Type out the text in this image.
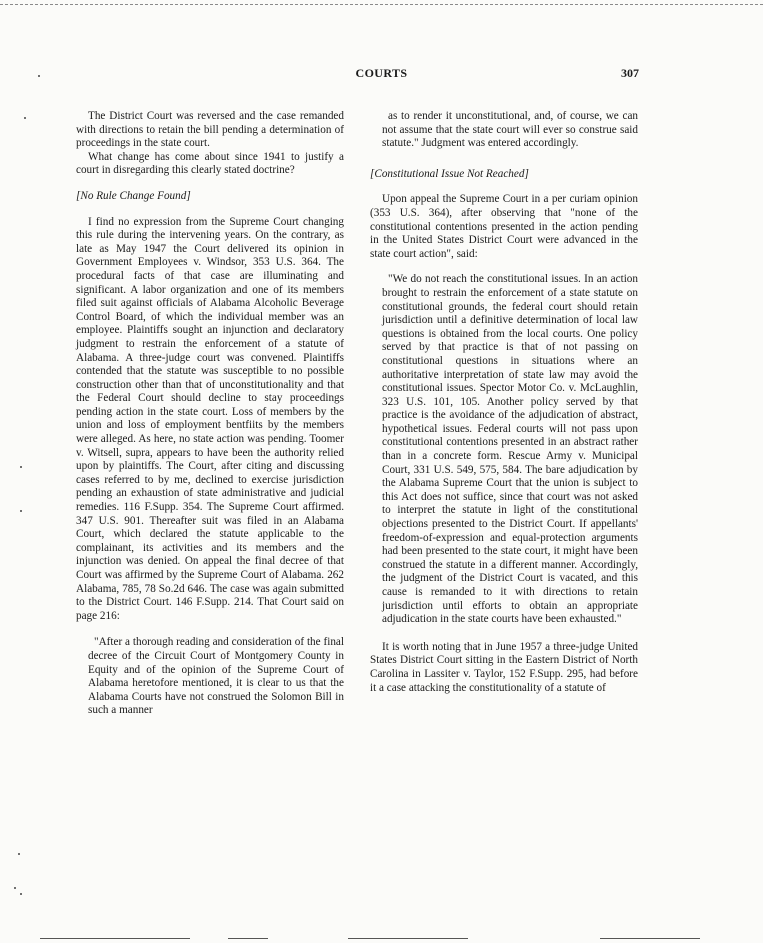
COURTS	307

The District Court was reversed and the case remanded with directions to retain the bill pending a determination of proceedings in the state court.

What change has come about since 1941 to justify a court in disregarding this clearly stated doctrine?

[No Rule Change Found]

I find no expression from the Supreme Court changing this rule during the intervening years. On the contrary, as late as May 1947 the Court delivered its opinion in Government Employees v. Windsor, 353 U.S. 364. The procedural facts of that case are illuminating and significant. A labor organization and one of its members filed suit against officials of Alabama Alcoholic Beverage Control Board, of which the individual member was an employee. Plaintiffs sought an injunction and declaratory judgment to restrain the enforcement of a statute of Alabama. A three-judge court was convened. Plaintiffs contended that the statute was susceptible to no possible construction other than that of unconstitutionality and that the Federal Court should decline to stay proceedings pending action in the state court. Loss of members by the union and loss of employment bentfiits by the members were alleged. As here, no state action was pending. Toomer v. Witsell, supra, appears to have been the authority relied upon by plaintiffs. The Court, after citing and discussing cases referred to by me, declined to exercise jurisdiction pending an exhaustion of state administrative and judicial remedies. 116 F.Supp. 354. The Supreme Court affirmed. 347 U.S. 901. Thereafter suit was filed in an Alabama Court, which declared the statute applicable to the complainant, its activities and its members and the injunction was denied. On appeal the final decree of that Court was affirmed by the Supreme Court of Alabama. 262 Alabama, 785, 78 So.2d 646. The case was again submitted to the District Court. 146 F.Supp. 214. That Court said on page 216:

"After a thorough reading and consideration of the final decree of the Circuit Court of Montgomery County in Equity and of the opinion of the Supreme Court of Alabama heretofore mentioned, it is clear to us that the Alabama Courts have not construed the Solomon Bill in such a manner

as to render it unconstitutional, and, of course, we can not assume that the state court will ever so construe said statute." Judgment was entered accordingly.

[Constitutional Issue Not Reached]

Upon appeal the Supreme Court in a per curiam opinion (353 U.S. 364), after observing that "none of the constitutional contentions presented in the action pending in the United States District Court were advanced in the state court action", said:

"We do not reach the constitutional issues. In an action brought to restrain the enforcement of a state statute on constitutional grounds, the federal court should retain jurisdiction until a definitive determination of local law questions is obtained from the local courts. One policy served by that practice is that of not passing on constitutional questions in situations where an authoritative interpretation of state law may avoid the constitutional issues. Spector Motor Co. v. McLaughlin, 323 U.S. 101, 105. Another policy served by that practice is the avoidance of the adjudication of abstract, hypothetical issues. Federal courts will not pass upon constitutional contentions presented in an abstract rather than in a concrete form. Rescue Army v. Municipal Court, 331 U.S. 549, 575, 584. The bare adjudication by the Alabama Supreme Court that the union is subject to this Act does not suffice, since that court was not asked to interpret the statute in light of the constitutional objections presented to the District Court. If appellants' freedom-of-expression and equal-protection arguments had been presented to the state court, it might have been construed the statute in a different manner. Accordingly, the judgment of the District Court is vacated, and this cause is remanded to it with directions to retain jurisdiction until efforts to obtain an appropriate adjudication in the state courts have been exhausted."

It is worth noting that in June 1957 a three-judge United States District Court sitting in the Eastern District of North Carolina in Lassiter v. Taylor, 152 F.Supp. 295, had before it a case attacking the constitutionality of a statute of
